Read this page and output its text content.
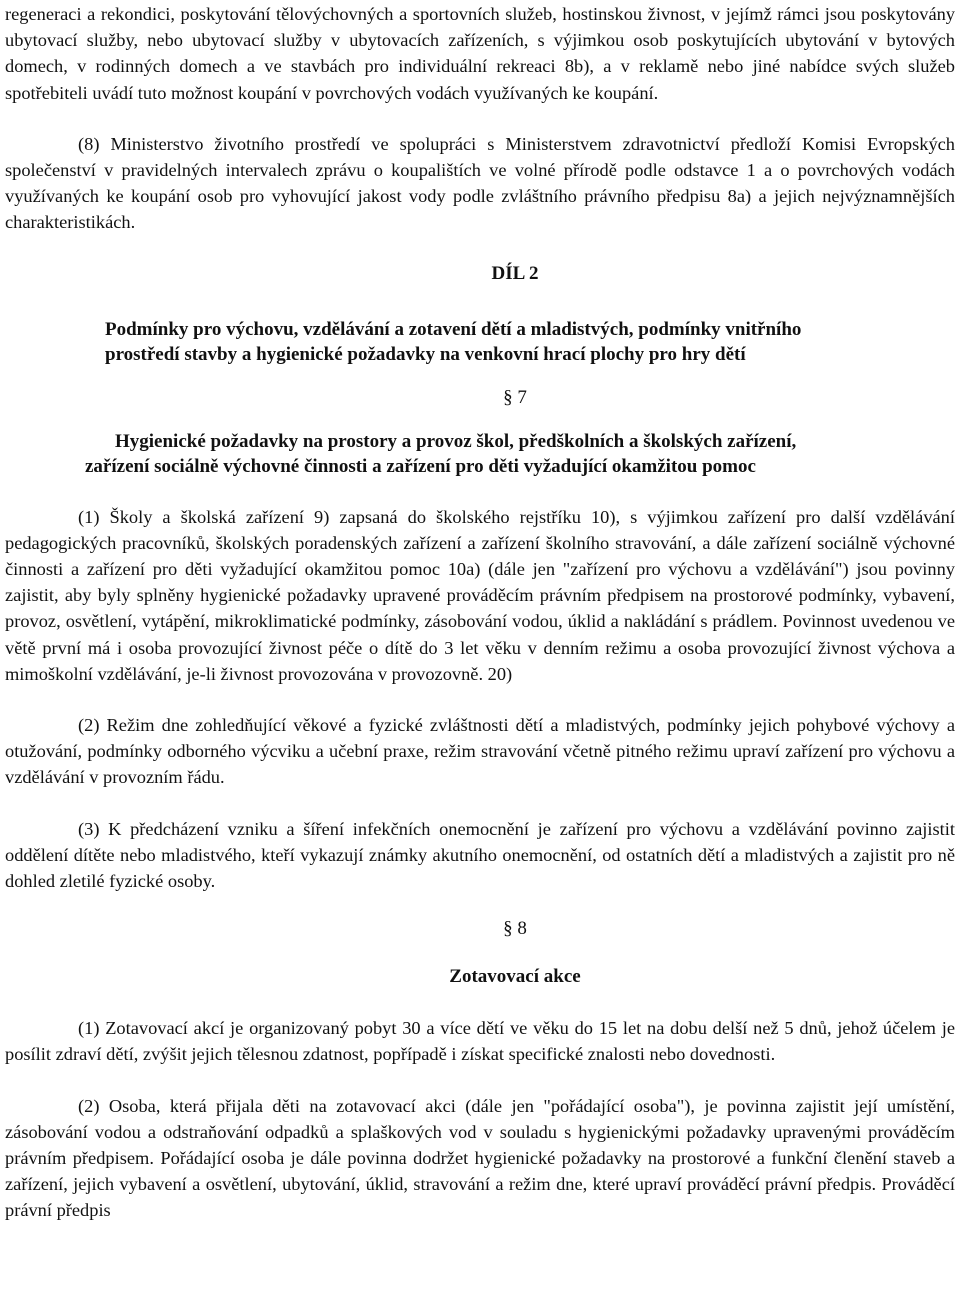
regeneraci a rekondici, poskytování tělovýchovných a sportovních služeb, hostinskou živnost, v jejímž rámci jsou poskytovány ubytovací služby, nebo ubytovací služby v ubytovacích zařízeních, s výjimkou osob poskytujících ubytování v bytových domech, v rodinných domech a ve stavbách pro individuální rekreaci 8b), a v reklamě nebo jiné nabídce svých služeb spotřebiteli uvádí tuto možnost koupání v povrchových vodách využívaných ke koupání.

(8) Ministerstvo životního prostředí ve spolupráci s Ministerstvem zdravotnictví předloží Komisi Evropských společenství v pravidelných intervalech zprávu o koupalištích ve volné přírodě podle odstavce 1 a o povrchových vodách využívaných ke koupání osob pro vyhovující jakost vody podle zvláštního právního předpisu 8a) a jejich nejvýznamnějších charakteristikách.

DÍL 2

Podmínky pro výchovu, vzdělávání a zotavení dětí a mladistvých, podmínky vnitřního

prostředí stavby a hygienické požadavky na venkovní hrací plochy pro hry dětí

§ 7

Hygienické požadavky na prostory a provoz škol, předškolních a školských zařízení,

zařízení sociálně výchovné činnosti a zařízení pro děti vyžadující okamžitou pomoc

(1) Školy a školská zařízení 9) zapsaná do školského rejstříku 10), s výjimkou zařízení pro další vzdělávání pedagogických pracovníků, školských poradenských zařízení a zařízení školního stravování, a dále zařízení sociálně výchovné činnosti a zařízení pro děti vyžadující okamžitou pomoc 10a) (dále jen "zařízení pro výchovu a vzdělávání") jsou povinny zajistit, aby byly splněny hygienické požadavky upravené prováděcím právním předpisem na prostorové podmínky, vybavení, provoz, osvětlení, vytápění, mikroklimatické podmínky, zásobování vodou, úklid a nakládání s prádlem. Povinnost uvedenou ve větě první má i osoba provozující živnost péče o dítě do 3 let věku v denním režimu a osoba provozující živnost výchova a mimoškolní vzdělávání, je-li živnost provozována v provozovně. 20)

(2) Režim dne zohledňující věkové a fyzické zvláštnosti dětí a mladistvých, podmínky jejich pohybové výchovy a otužování, podmínky odborného výcviku a učební praxe, režim stravování včetně pitného režimu upraví zařízení pro výchovu a vzdělávání v provozním řádu.

(3) K předcházení vzniku a šíření infekčních onemocnění je zařízení pro výchovu a vzdělávání povinno zajistit oddělení dítěte nebo mladistvého, kteří vykazují známky akutního onemocnění, od ostatních dětí a mladistvých a zajistit pro ně dohled zletilé fyzické osoby.

§ 8

Zotavovací akce

(1) Zotavovací akcí je organizovaný pobyt 30 a více dětí ve věku do 15 let na dobu delší než 5 dnů, jehož účelem je posílit zdraví dětí, zvýšit jejich tělesnou zdatnost, popřípadě i získat specifické znalosti nebo dovednosti.

(2) Osoba, která přijala děti na zotavovací akci (dále jen "pořádající osoba"), je povinna zajistit její umístění, zásobování vodou a odstraňování odpadků a splaškových vod v souladu s hygienickými požadavky upravenými prováděcím právním předpisem. Pořádající osoba je dále povinna dodržet hygienické požadavky na prostorové a funkční členění staveb a zařízení, jejich vybavení a osvětlení, ubytování, úklid, stravování a režim dne, které upraví prováděcí právní předpis. Prováděcí právní předpis
